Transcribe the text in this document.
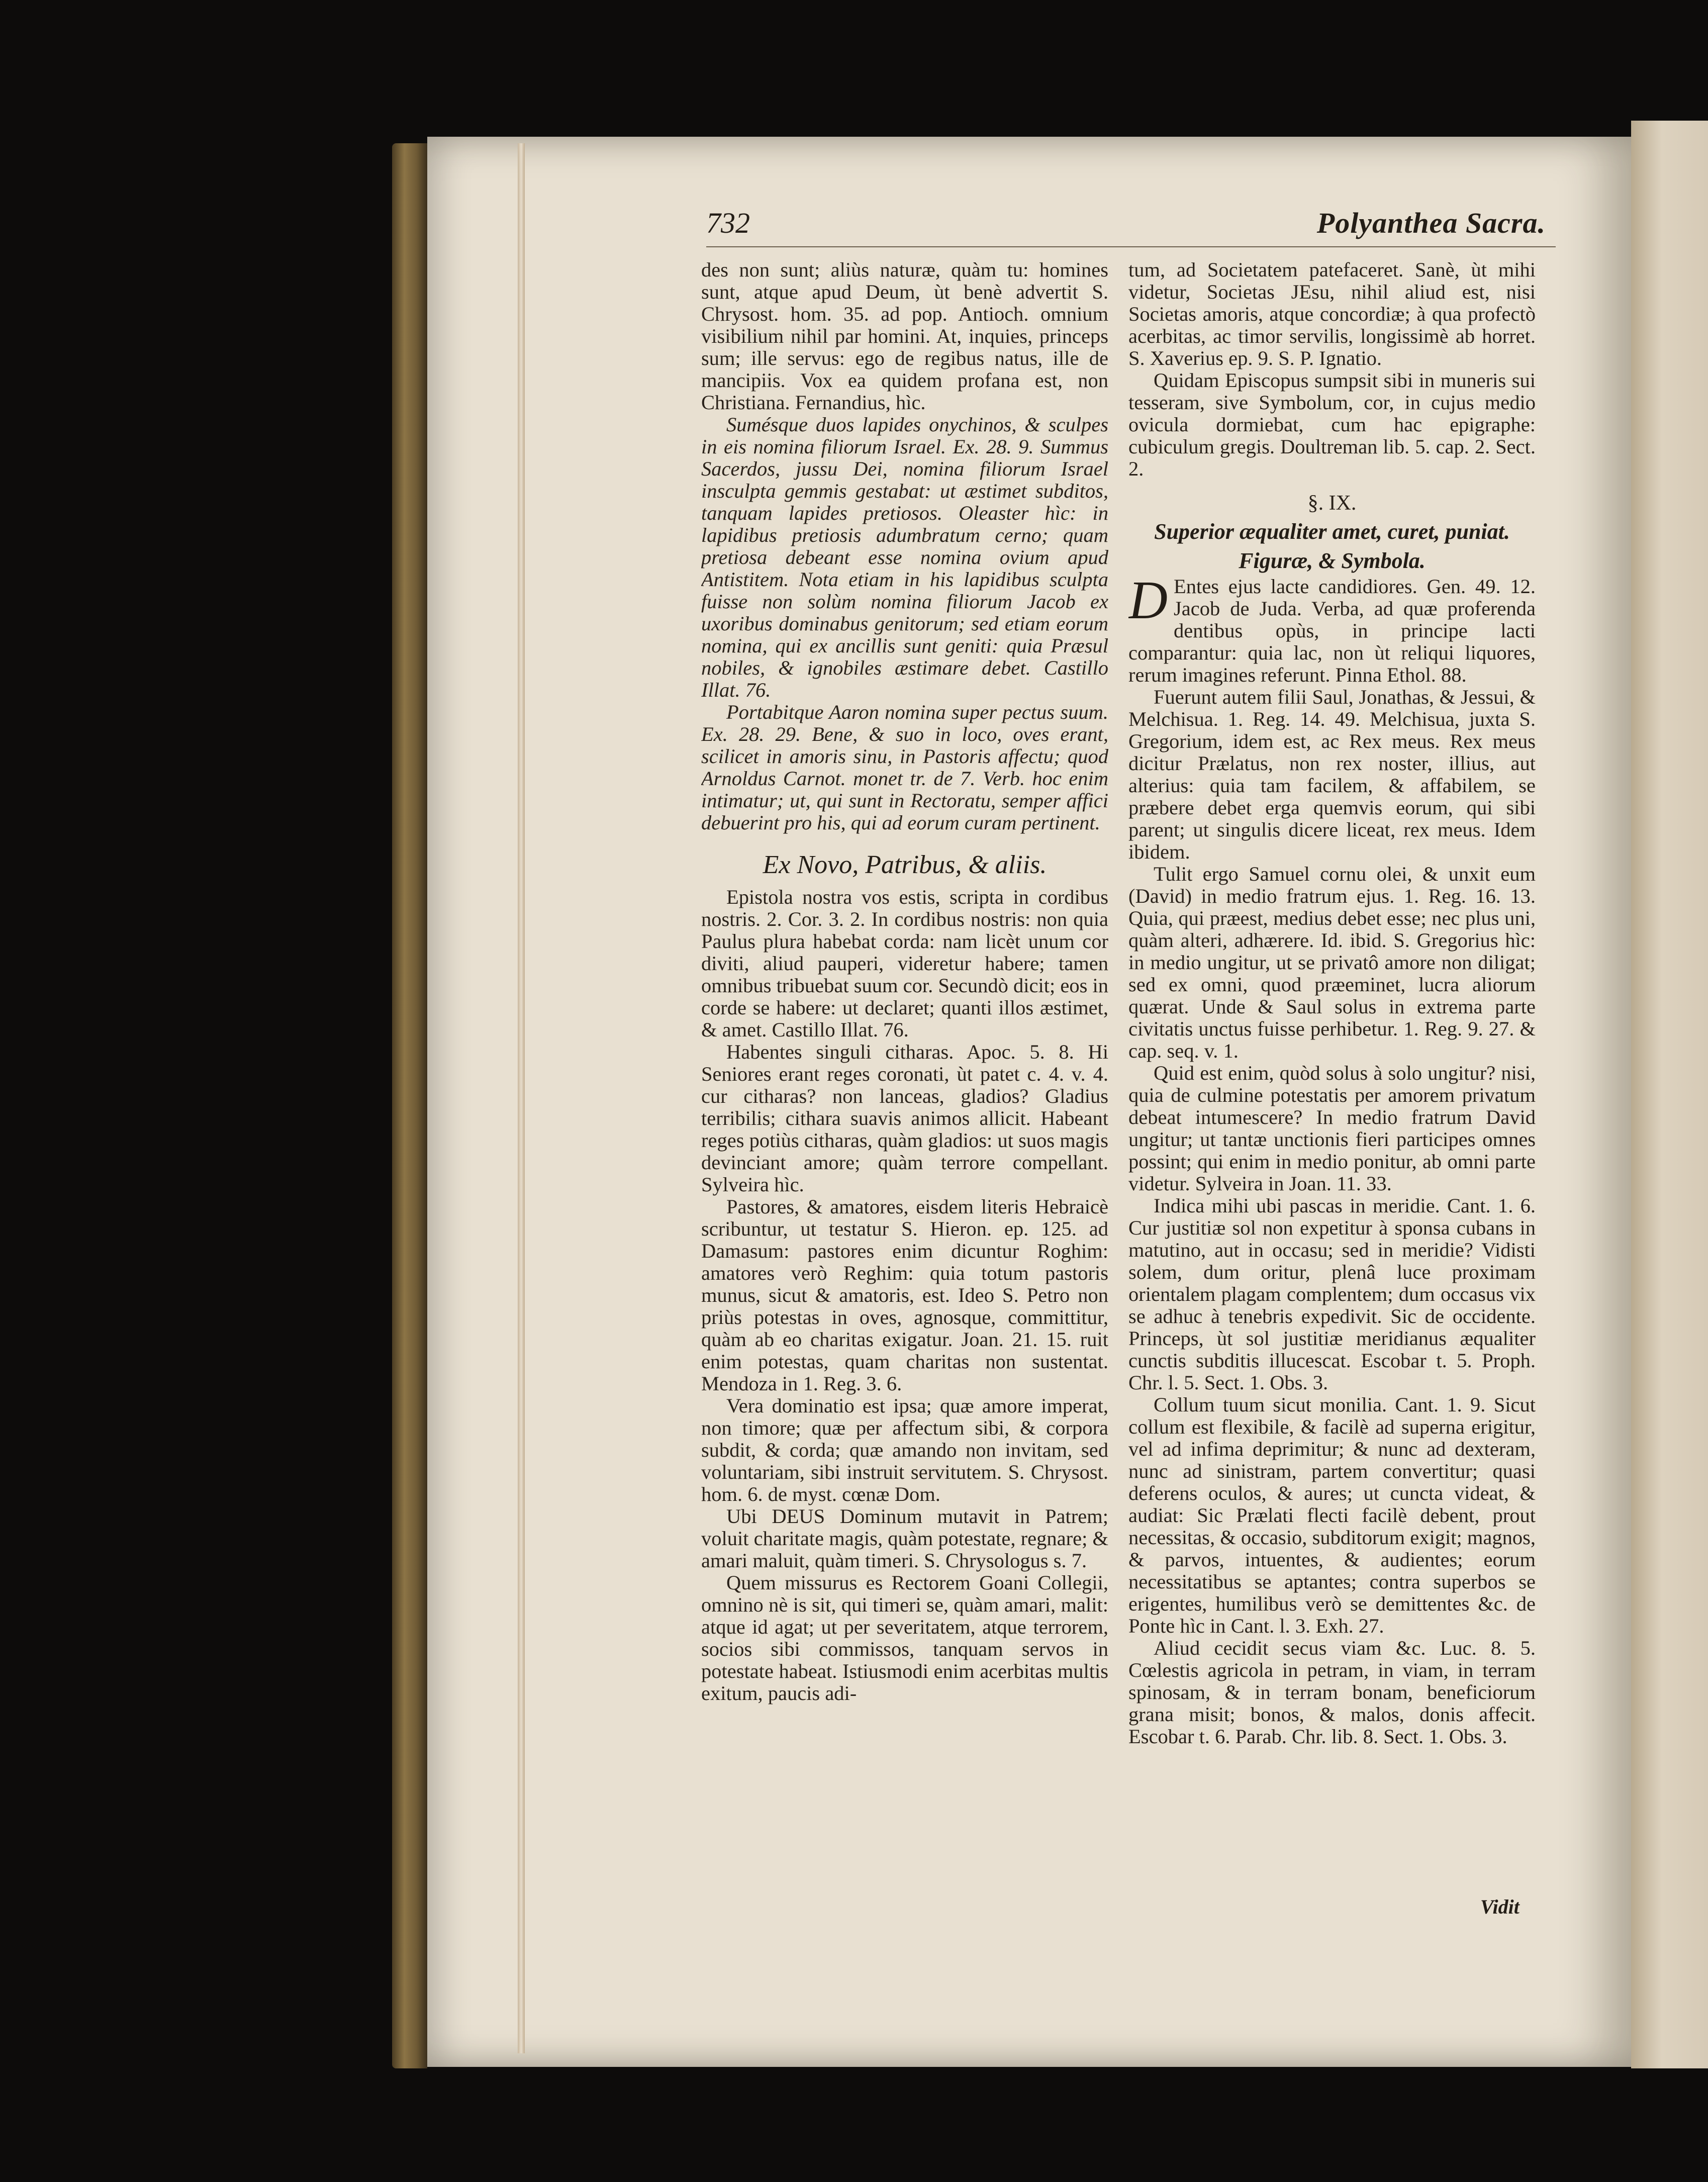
732	Polyanthea Sacra.

des non sunt; aliùs naturæ, quàm tu: homines sunt, atque apud Deum, ùt benè advertit S. Chrysost. hom. 35. ad pop. Antioch. omnium visibilium nihil par homini. At, inquies, princeps sum; ille servus: ego de regibus natus, ille de mancipiis. Vox ea quidem profana est, non Christiana. Fernandius, hìc.

Sumésque duos lapides onychinos, & sculpes in eis nomina filiorum Israel. Ex. 28. 9. Summus Sacerdos, jussu Dei, nomina filiorum Israel insculpta gemmis gestabat: ut æstimet subditos, tanquam lapides pretiosos. Oleaster hìc: in lapidibus pretiosis adumbratum cerno; quam pretiosa debeant esse nomina ovium apud Antistitem. Nota etiam in his lapidibus sculpta fuisse non solùm nomina filiorum Jacob ex uxoribus dominabus genitorum; sed etiam eorum nomina, qui ex ancillis sunt geniti: quia Præsul nobiles, & ignobiles æstimare debet. Castillo Illat. 76.

Portabitque Aaron nomina super pectus suum. Ex. 28. 29. Bene, & suo in loco, oves erant, scilicet in amoris sinu, in Pastoris affectu; quod Arnoldus Carnot. monet tr. de 7. Verb. hoc enim intimatur; ut, qui sunt in Rectoratu, semper affici debuerint pro his, qui ad eorum curam pertinent.

Ex Novo, Patribus, & aliis.

Epistola nostra vos estis, scripta in cordibus nostris. 2. Cor. 3. 2. In cordibus nostris: non quia Paulus plura habebat corda: nam licèt unum cor diviti, aliud pauperi, videretur habere; tamen omnibus tribuebat suum cor. Secundò dicit; eos in corde se habere: ut declaret; quanti illos æstimet, & amet. Castillo Illat. 76.

Habentes singuli citharas. Apoc. 5. 8. Hi Seniores erant reges coronati, ùt patet c. 4. v. 4. cur citharas? non lanceas, gladios? Gladius terribilis; cithara suavis animos allicit. Habeant reges potiùs citharas, quàm gladios: ut suos magis devinciant amore; quàm terrore compellant. Sylveira hìc.

Pastores, & amatores, eisdem literis Hebraicè scribuntur, ut testatur S. Hieron. ep. 125. ad Damasum: pastores enim dicuntur Roghim: amatores verò Reghim: quia totum pastoris munus, sicut & amatoris, est. Ideo S. Petro non priùs potestas in oves, agnosque, committitur, quàm ab eo charitas exigatur. Joan. 21. 15. ruit enim potestas, quam charitas non sustentat. Mendoza in 1. Reg. 3. 6.

Vera dominatio est ipsa; quæ amore imperat, non timore; quæ per affectum sibi, & corpora subdit, & corda; quæ amando non invitam, sed voluntariam, sibi instruit servitutem. S. Chrysost. hom. 6. de myst. cœnæ Dom.

Ubi DEUS Dominum mutavit in Patrem; voluit charitate magis, quàm potestate, regnare; & amari maluit, quàm timeri. S. Chrysologus s. 7.

Quem missurus es Rectorem Goani Collegii, omnino nè is sit, qui timeri se, quàm amari, malit: atque id agat; ut per severitatem, atque terrorem, socios sibi commissos, tanquam servos in potestate habeat. Istiusmodi enim acerbitas multis exitum, paucis adi-

tum, ad Societatem patefaceret. Sanè, ùt mihi videtur, Societas JEsu, nihil aliud est, nisi Societas amoris, atque concordiæ; à qua profectò acerbitas, ac timor servilis, longissimè ab horret. S. Xaverius ep. 9. S. P. Ignatio.

Quidam Episcopus sumpsit sibi in muneris sui tesseram, sive Symbolum, cor, in cujus medio ovicula dormiebat, cum hac epigraphe: cubiculum gregis. Doultreman lib. 5. cap. 2. Sect. 2.

§. IX.
Superior æqualiter amet, curet, puniat. Figuræ, & Symbola.

D Entes ejus lacte candidiores. Gen. 49. 12. Jacob de Juda. Verba, ad quæ proferenda dentibus opùs, in principe lacti comparantur: quia lac, non ùt reliqui liquores, rerum imagines referunt. Pinna Ethol. 88.

Fuerunt autem filii Saul, Jonathas, & Jessui, & Melchisua. 1. Reg. 14. 49. Melchisua, juxta S. Gregorium, idem est, ac Rex meus. Rex meus dicitur Prælatus, non rex noster, illius, aut alterius: quia tam facilem, & affabilem, se præbere debet erga quemvis eorum, qui sibi parent; ut singulis dicere liceat, rex meus. Idem ibidem.

Tulit ergo Samuel cornu olei, & unxit eum (David) in medio fratrum ejus. 1. Reg. 16. 13. Quia, qui præest, medius debet esse; nec plus uni, quàm alteri, adhærere. Id. ibid. S. Gregorius hìc: in medio ungitur, ut se privatô amore non diligat; sed ex omni, quod præeminet, lucra aliorum quærat. Unde & Saul solus in extrema parte civitatis unctus fuisse perhibetur. 1. Reg. 9. 27. & cap. seq. v. 1.

Quid est enim, quòd solus à solo ungitur? nisi, quia de culmine potestatis per amorem privatum debeat intumescere? In medio fratrum David ungitur; ut tantæ unctionis fieri participes omnes possint; qui enim in medio ponitur, ab omni parte videtur. Sylveira in Joan. 11. 33.

Indica mihi ubi pascas in meridie. Cant. 1. 6. Cur justitiæ sol non expetitur à sponsa cubans in matutino, aut in occasu; sed in meridie? Vidisti solem, dum oritur, plenâ luce proximam orientalem plagam complentem; dum occasus vix se adhuc à tenebris expedivit. Sic de occidente. Princeps, ùt sol justitiæ meridianus æqualiter cunctis subditis illucescat. Escobar t. 5. Proph. Chr. l. 5. Sect. 1. Obs. 3.

Collum tuum sicut monilia. Cant. 1. 9. Sicut collum est flexibile, & facilè ad superna erigitur, vel ad infima deprimitur; & nunc ad dexteram, nunc ad sinistram, partem convertitur; quasi deferens oculos, & aures; ut cuncta videat, & audiat: Sic Prælati flecti facilè debent, prout necessitas, & occasio, subditorum exigit; magnos, & parvos, intuentes, & audientes; eorum necessitatibus se aptantes; contra superbos se erigentes, humilibus verò se demittentes &c. de Ponte hìc in Cant. l. 3. Exh. 27.

Aliud cecidit secus viam &c. Luc. 8. 5. Cœlestis agricola in petram, in viam, in terram spinosam, & in terram bonam, beneficiorum grana misit; bonos, & malos, donis affecit. Escobar t. 6. Parab. Chr. lib. 8. Sect. 1. Obs. 3.

Vidit
